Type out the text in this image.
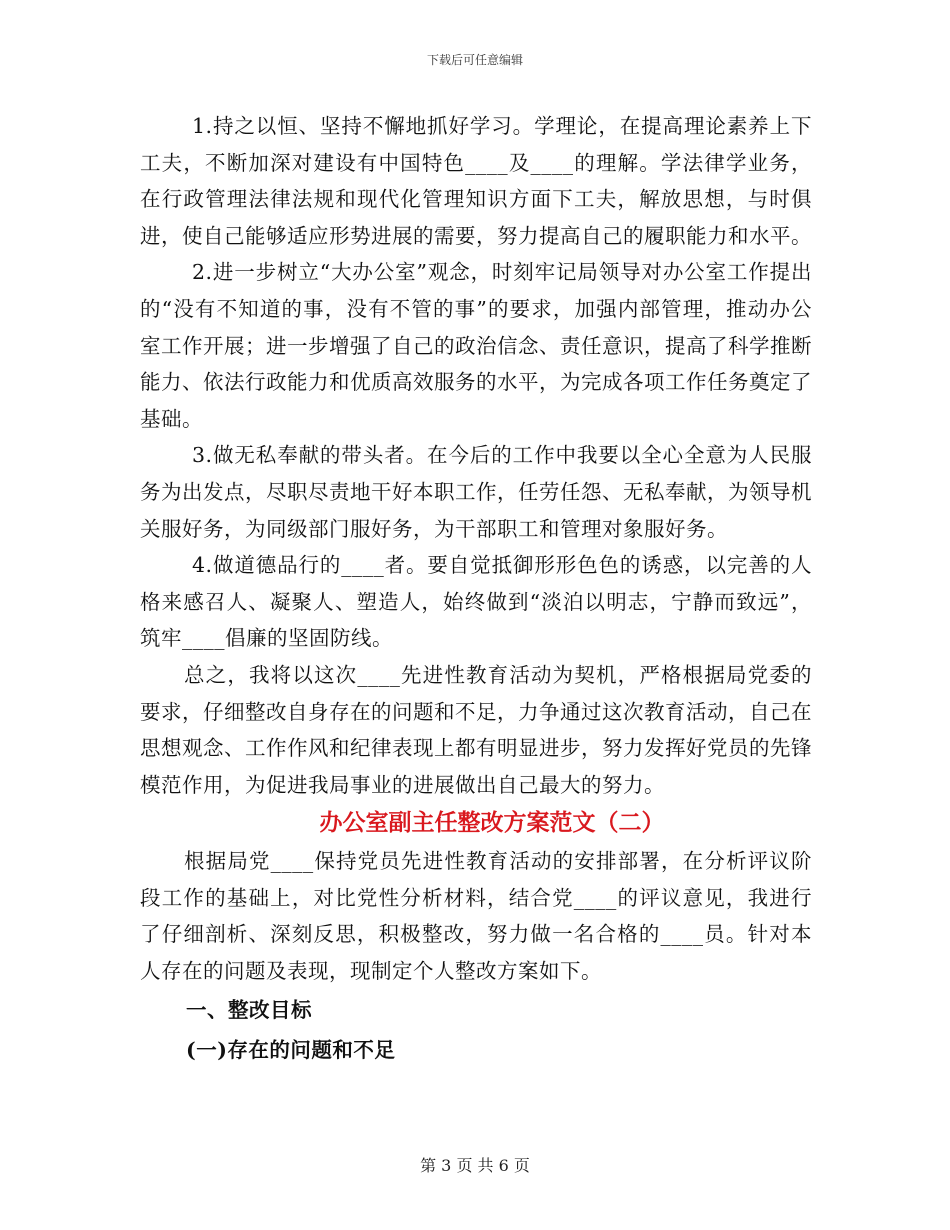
下载后可任意编辑

1.持之以恒、坚持不懈地抓好学习。学理论，在提高理论素养上下工夫，不断加深对建设有中国特色____及____的理解。学法律学业务，在行政管理法律法规和现代化管理知识方面下工夫，解放思想，与时俱进，使自己能够适应形势进展的需要，努力提高自己的履职能力和水平。

2.进一步树立“大办公室”观念，时刻牢记局领导对办公室工作提出的“没有不知道的事，没有不管的事”的要求，加强内部管理，推动办公室工作开展；进一步增强了自己的政治信念、责任意识，提高了科学推断能力、依法行政能力和优质高效服务的水平，为完成各项工作任务奠定了基础。

3.做无私奉献的带头者。在今后的工作中我要以全心全意为人民服务为出发点，尽职尽责地干好本职工作，任劳任怨、无私奉献，为领导机关服好务，为同级部门服好务，为干部职工和管理对象服好务。

4.做道德品行的____者。要自觉抵御形形色色的诱惑，以完善的人格来感召人、凝聚人、塑造人，始终做到“淡泊以明志，宁静而致远”，筑牢____倡廉的坚固防线。

总之，我将以这次____先进性教育活动为契机，严格根据局党委的要求，仔细整改自身存在的问题和不足，力争通过这次教育活动，自己在思想观念、工作作风和纪律表现上都有明显进步，努力发挥好党员的先锋模范作用，为促进我局事业的进展做出自己最大的努力。

办公室副主任整改方案范文（二）

根据局党____保持党员先进性教育活动的安排部署，在分析评议阶段工作的基础上，对比党性分析材料，结合党____的评议意见，我进行了仔细剖析、深刻反思，积极整改，努力做一名合格的____员。针对本人存在的问题及表现，现制定个人整改方案如下。

一、整改目标

(一)存在的问题和不足

第 3 页 共 6 页
